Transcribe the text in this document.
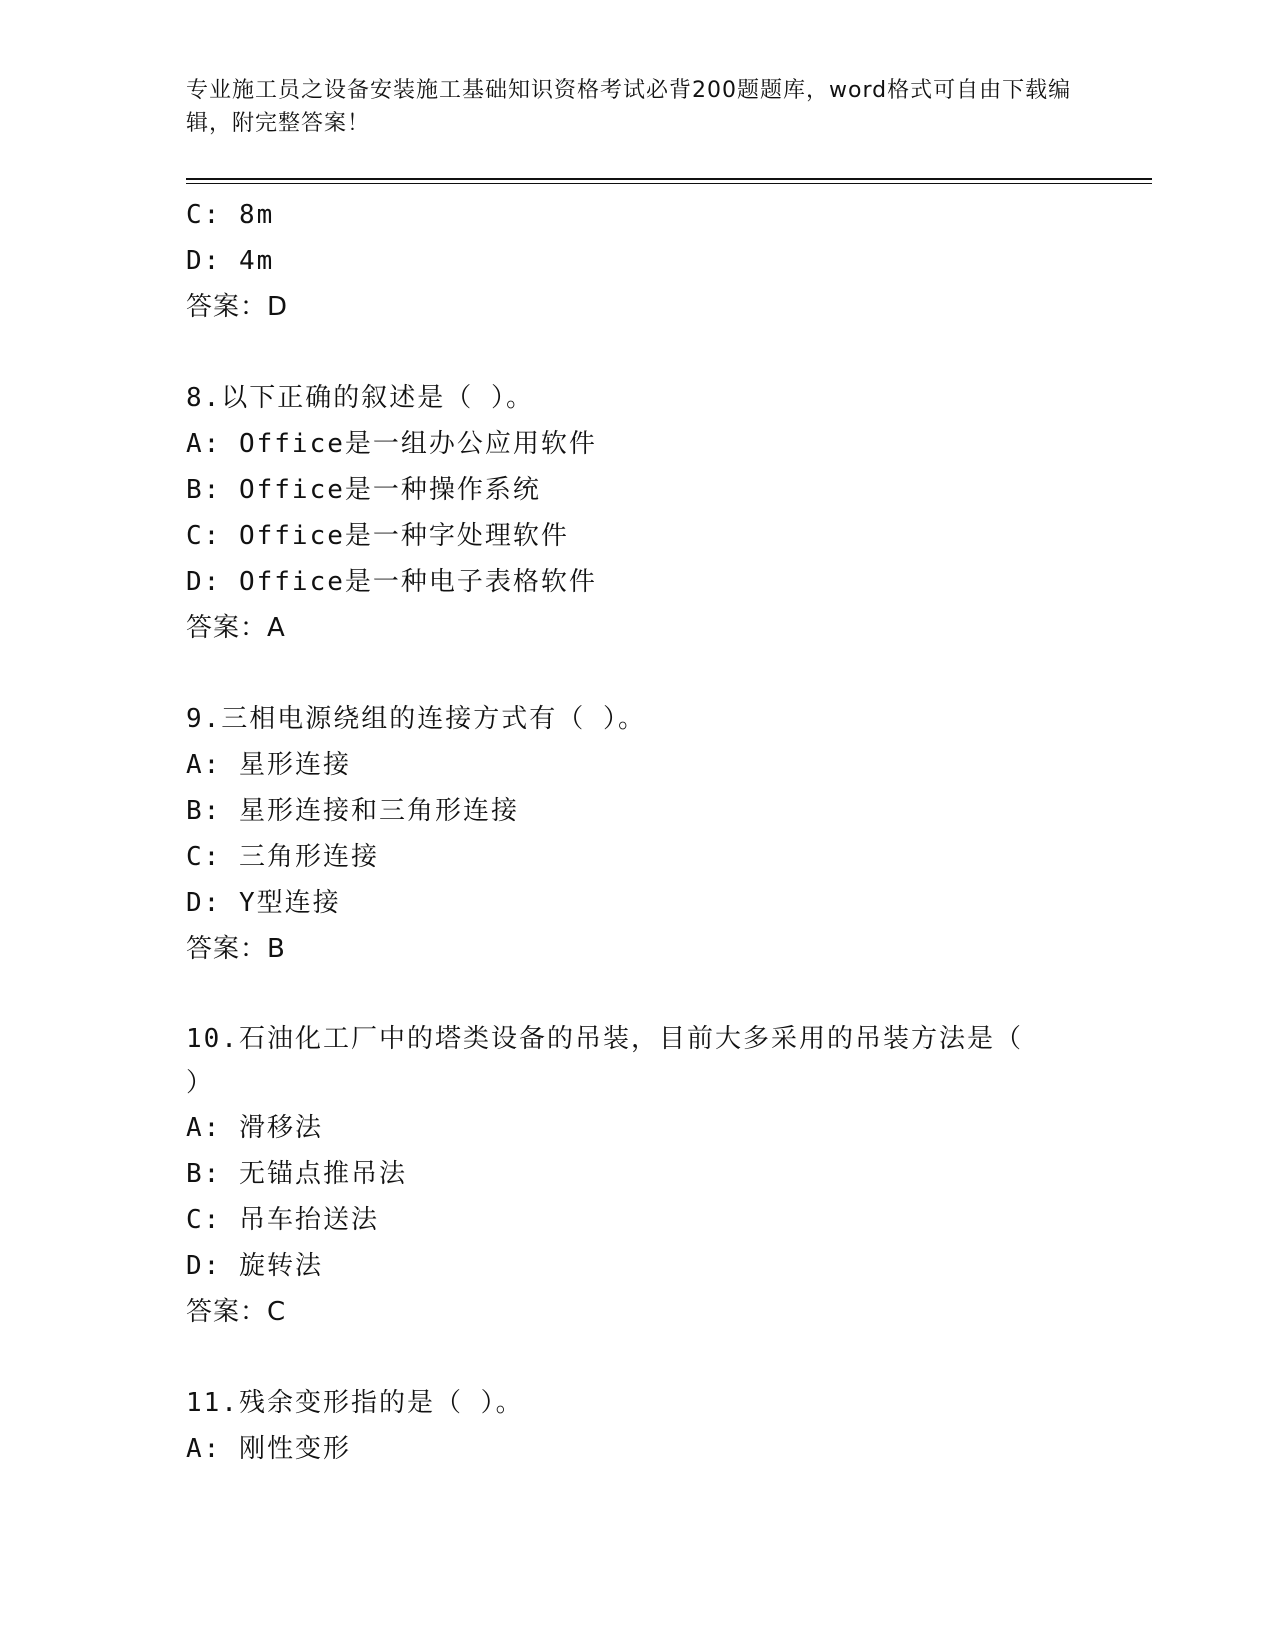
专业施工员之设备安装施工基础知识资格考试必背200题题库，word格式可自由下载编辑，附完整答案！
C: 8m
D: 4m
答案：D
8.以下正确的叙述是（ ）。
A: Office是一组办公应用软件
B: Office是一种操作系统
C: Office是一种字处理软件
D: Office是一种电子表格软件
答案：A
9.三相电源绕组的连接方式有（ ）。
A: 星形连接
B: 星形连接和三角形连接
C: 三角形连接
D: Y型连接
答案：B
10.石油化工厂中的塔类设备的吊装，目前大多采用的吊装方法是（ ）
A: 滑移法
B: 无锚点推吊法
C: 吊车抬送法
D: 旋转法
答案：C
11.残余变形指的是（ ）。
A: 刚性变形
